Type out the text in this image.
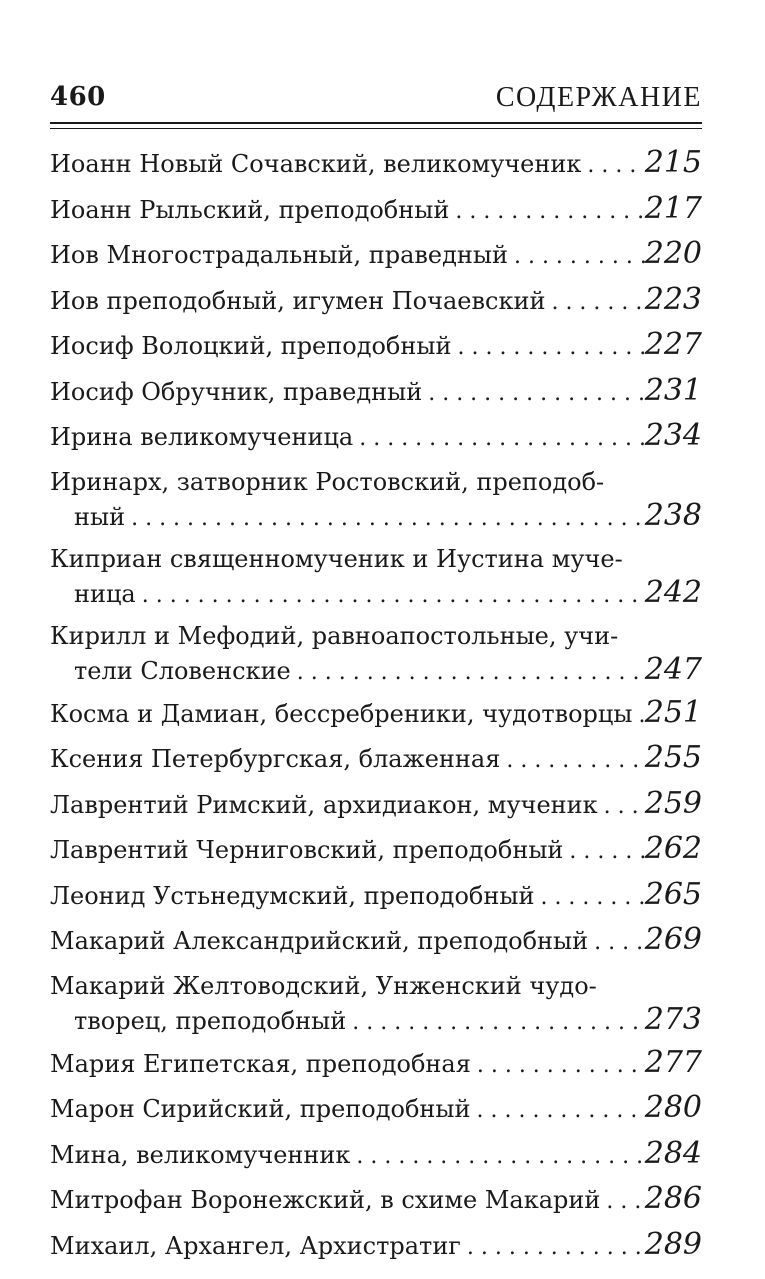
460	СОДЕРЖАНИЕ
Иоанн Новый Сочавский, великомученик . . . 215
Иоанн Рыльский, преподобный . . .	217
Иов Многострадальный, праведный . . .	220
Иов преподобный, игумен Почаевский . . .	223
Иосиф Волоцкий, преподобный . . .	227
Иосиф Обручник, праведный . . .	231
Ирина великомученица . . .	234
Иринарх, затворник Ростовский, преподоб-
ный . . .	238
Киприан священномученик и Иустина муче-
ница . . .	242
Кирилл и Мефодий, равноапостольные, учи-
тели Словенские . . .	247
Косма и Дамиан, бессребреники, чудотворцы . . . 251
Ксения Петербургская, блаженная . . .	255
Лаврентий Римский, архидиакон, мученик . . . 259
Лаврентий Черниговский, преподобный . . .	262
Леонид Устьнедумский, преподобный . . .	265
Макарий Александрийский, преподобный . . . 269
Макарий Желтоводский, Унженский чудо-
творец, преподобный . . .	273
Мария Египетская, преподобная . . .	277
Марон Сирийский, преподобный . . .	280
Мина, великомученник . . .	284
Митрофан Воронежский, в схиме Макарий . . . 286
Михаил, Архангел, Архистратиг . . .	289
